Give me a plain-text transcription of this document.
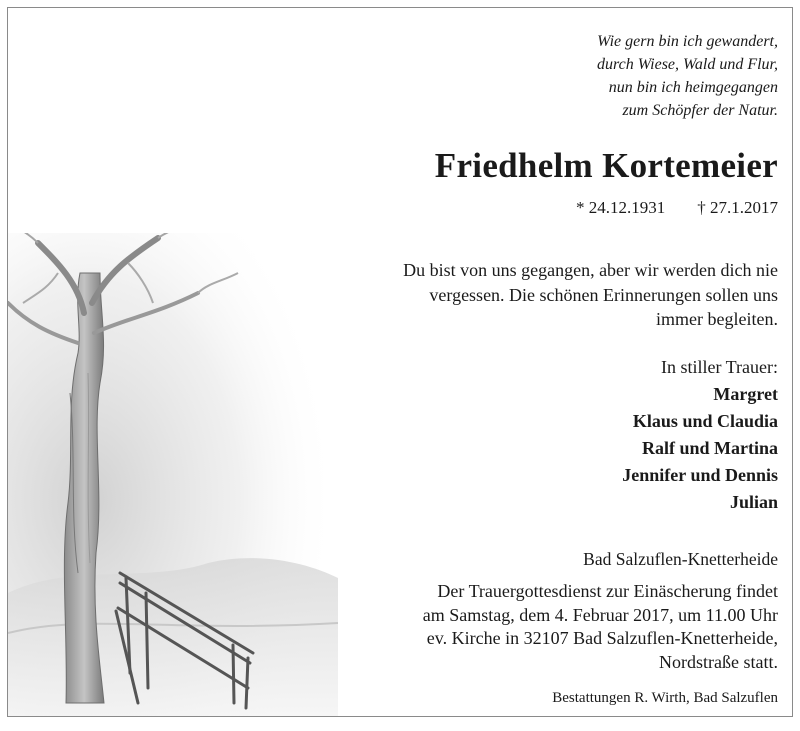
Wie gern bin ich gewandert,
durch Wiese, Wald und Flur,
nun bin ich heimgegangen
zum Schöpfer der Natur.
Friedhelm Kortemeier
* 24.12.1931 † 27.1.2017
Du bist von uns gegangen, aber wir werden dich nie
vergessen. Die schönen Erinnerungen sollen uns
immer begleiten.
In stiller Trauer:
Margret
Klaus und Claudia
Ralf und Martina
Jennifer und Dennis
Julian
Bad Salzuflen-Knetterheide
Der Trauergottesdienst zur Einäscherung findet
am Samstag, dem 4. Februar 2017, um 11.00 Uhr
ev. Kirche in 32107 Bad Salzuflen-Knetterheide,
Nordstraße statt.
Bestattungen R. Wirth, Bad Salzuflen
